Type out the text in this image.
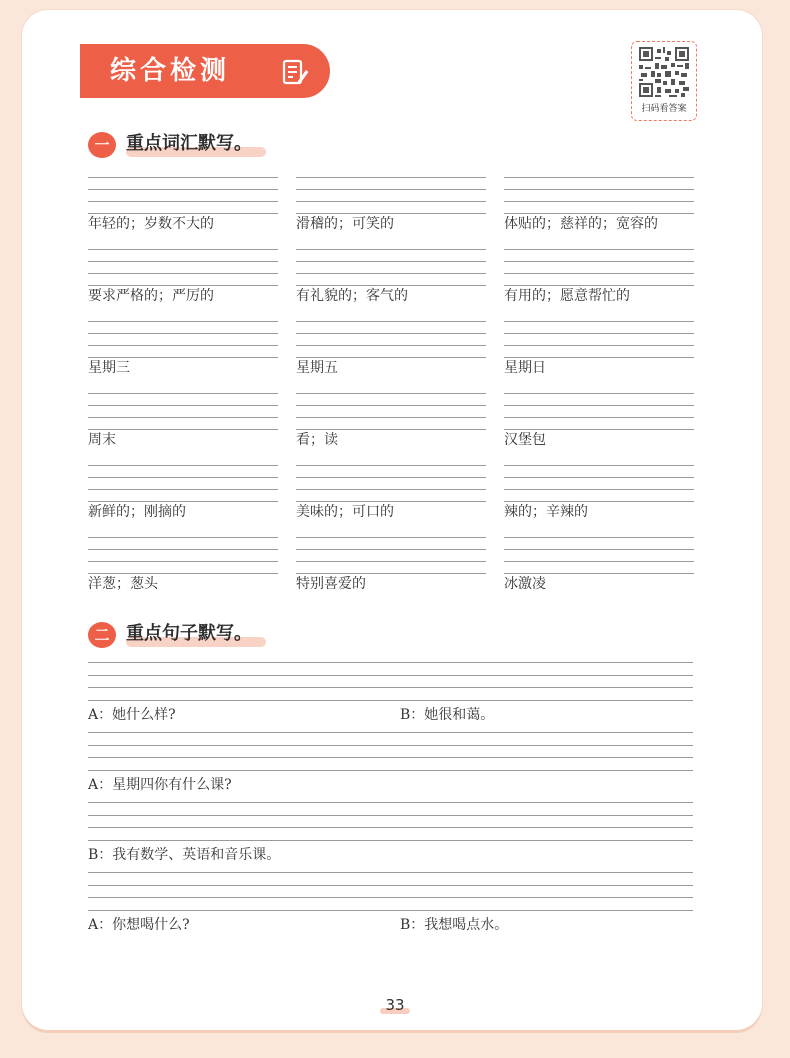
综合检测
扫码看答案
一 重点词汇默写。
年轻的；岁数不大的	滑稽的；可笑的	体贴的；慈祥的；宽容的
要求严格的；严厉的	有礼貌的；客气的	有用的；愿意帮忙的
星期三	星期五	星期日
周末	看；读	汉堡包
新鲜的；刚摘的	美味的；可口的	辣的；辛辣的
洋葱；葱头	特别喜爱的	冰激凌
二 重点句子默写。
A：她什么样?	B：她很和蔼。
A：星期四你有什么课?
B：我有数学、英语和音乐课。
A：你想喝什么?	B：我想喝点水。
33
